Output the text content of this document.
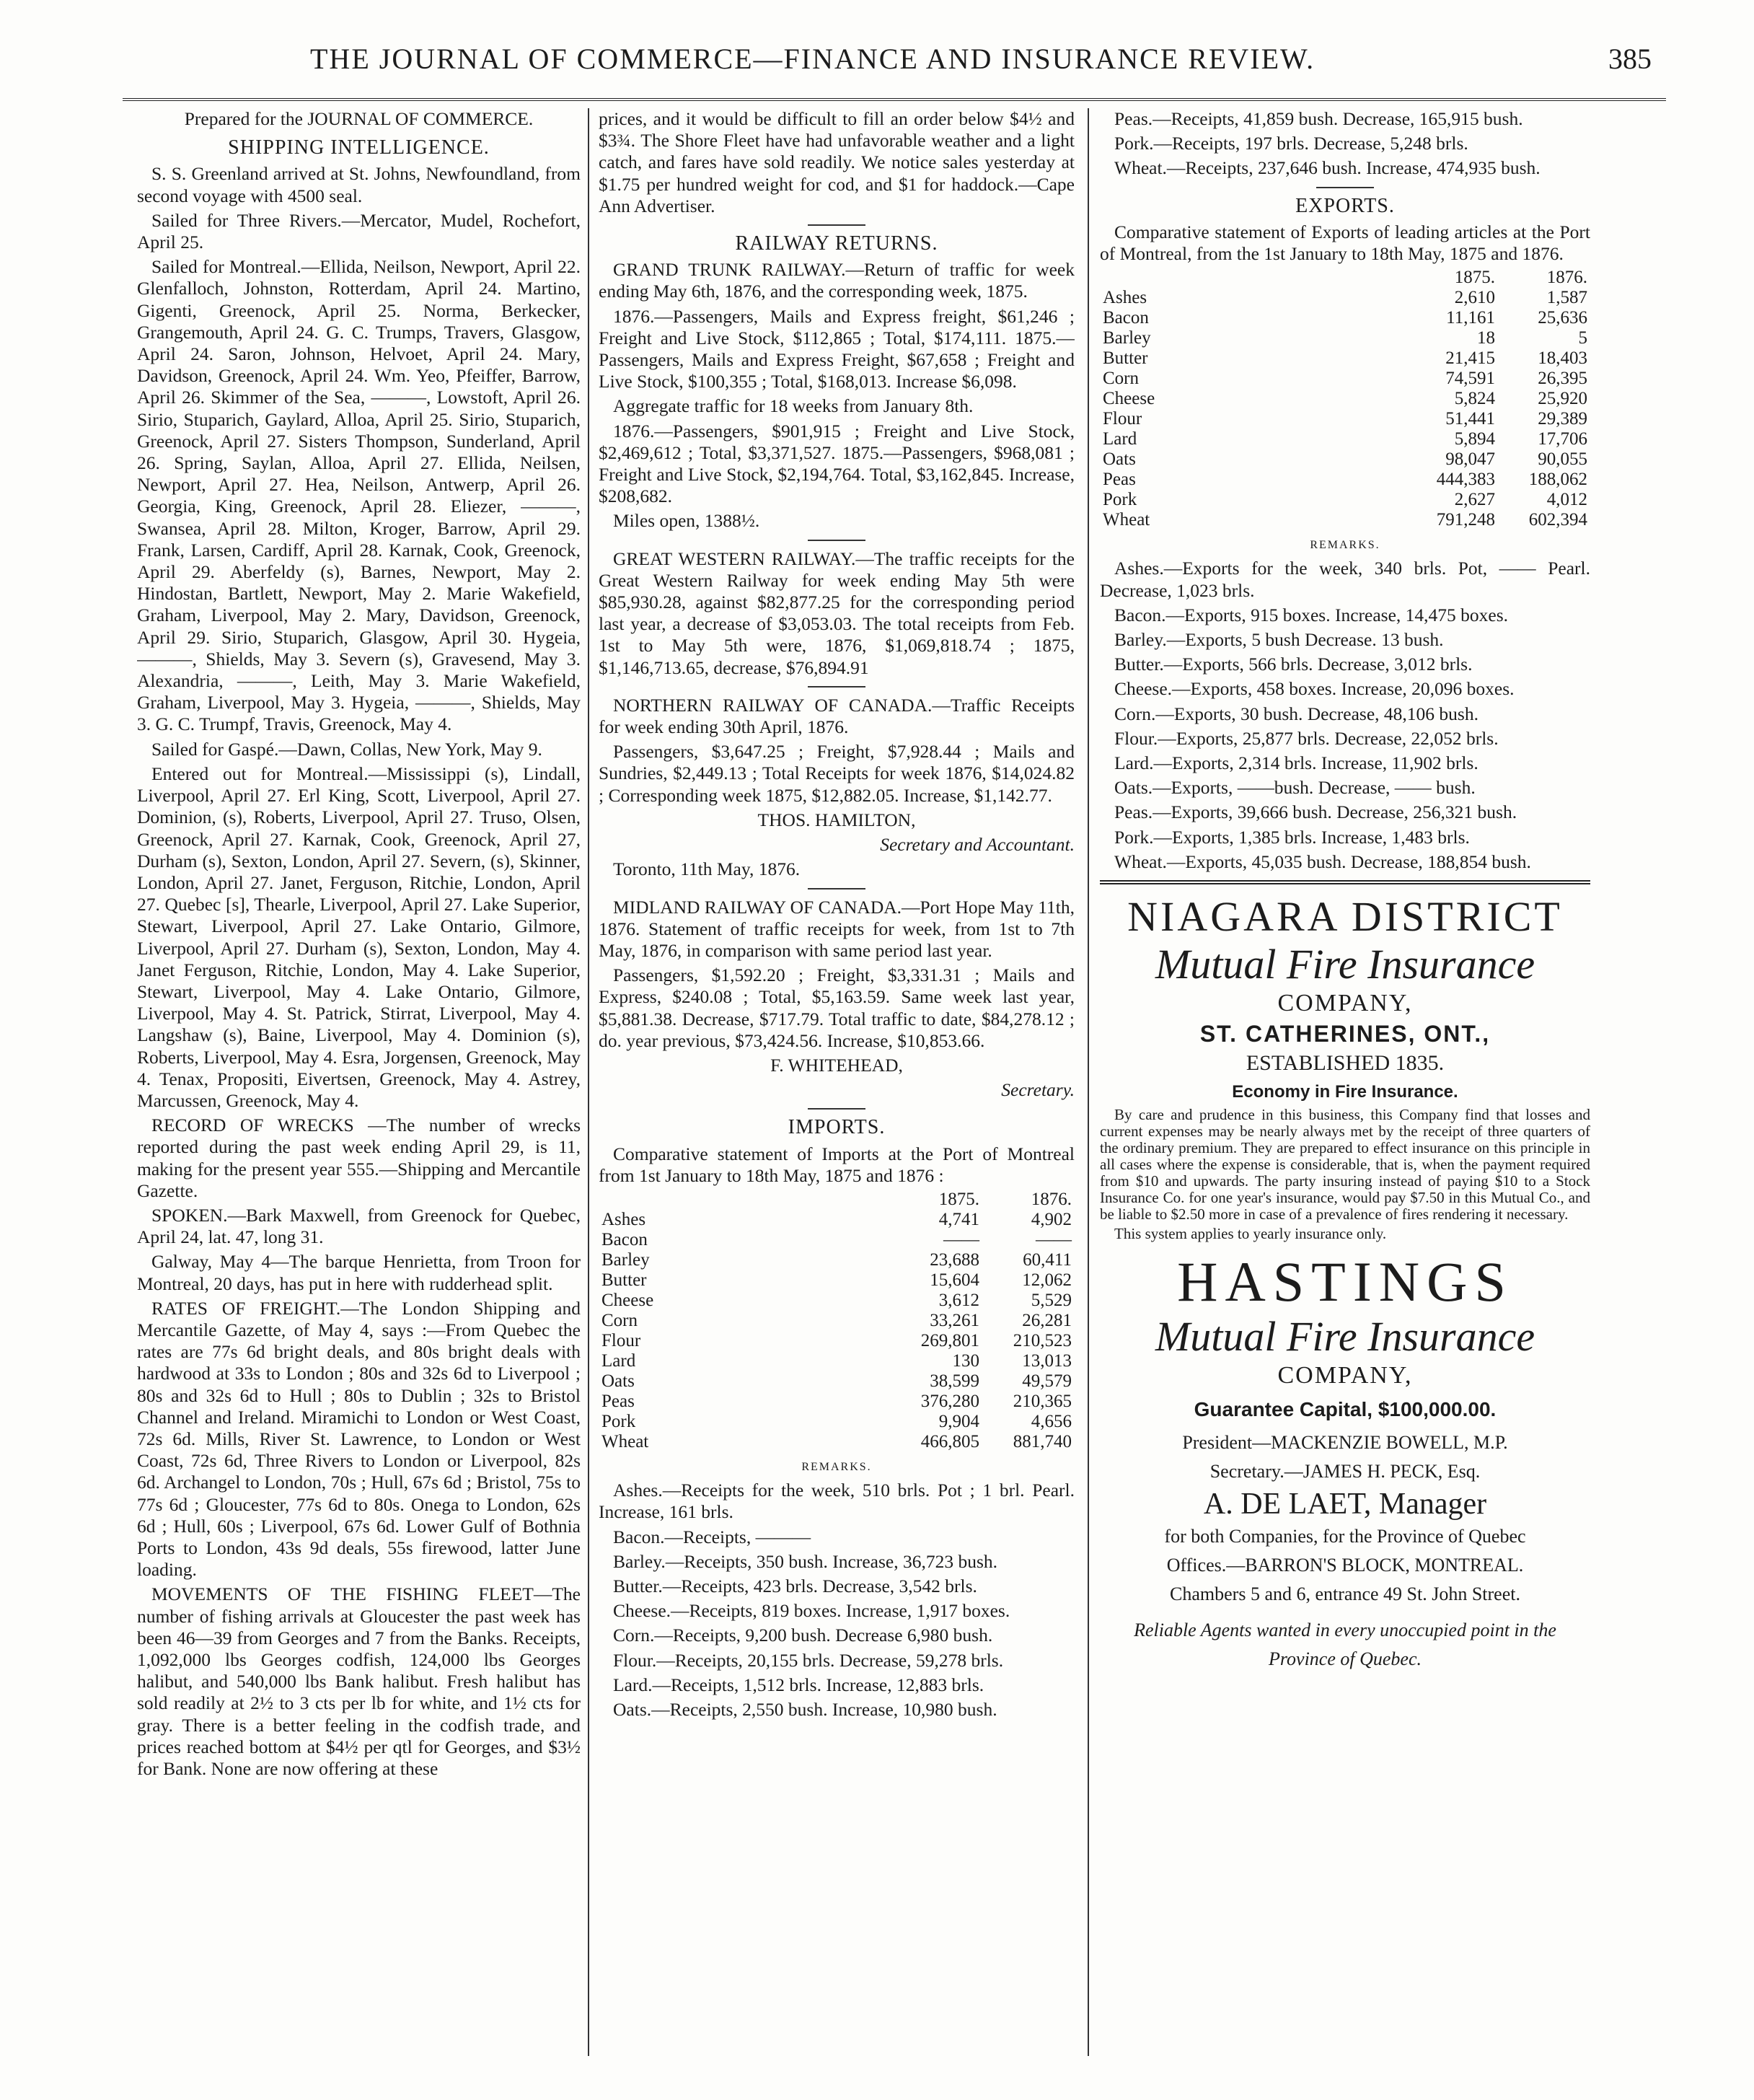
THE JOURNAL OF COMMERCE—FINANCE AND INSURANCE REVIEW.	385

Prepared for the JOURNAL OF COMMERCE.

SHIPPING INTELLIGENCE.

S. S. Greenland arrived at St. Johns, Newfoundland, from second voyage with 4500 seal.

Sailed for Three Rivers.—Mercator, Mudel, Rochefort, April 25.

Sailed for Montreal.—Ellida, Neilson, Newport, April 22. Glenfalloch, Johnston, Rotterdam, April 24. Martino, Gigenti, Greenock, April 25. Norma, Berkecker, Grangemouth, April 24. G. C. Trumps, Travers, Glasgow, April 24. Saron, Johnson, Helvoet, April 24. Mary, Davidson, Greenock, April 24. Wm. Yeo, Pfeiffer, Barrow, April 26. Skimmer of the Sea, ———, Lowstoft, April 26. Sirio, Stuparich, Gaylard, Alloa, April 25. Sirio, Stuparich, Greenock, April 27. Sisters Thompson, Sunderland, April 26. Spring, Saylan, Alloa, April 27. Ellida, Neilsen, Newport, April 27. Hea, Neilson, Antwerp, April 26. Georgia, King, Greenock, April 28. Eliezer, ———, Swansea, April 28. Milton, Kroger, Barrow, April 29. Frank, Larsen, Cardiff, April 28. Karnak, Cook, Greenock, April 29. Aberfeldy (s), Barnes, Newport, May 2. Hindostan, Bartlett, Newport, May 2. Marie Wakefield, Graham, Liverpool, May 2. Mary, Davidson, Greenock, April 29. Sirio, Stuparich, Glasgow, April 30. Hygeia, ———, Shields, May 3. Severn (s), Gravesend, May 3. Alexandria, ———, Leith, May 3. Marie Wakefield, Graham, Liverpool, May 3. Hygeia, ———, Shields, May 3. G. C. Trumpf, Travis, Greenock, May 4.

Sailed for Gaspé.—Dawn, Collas, New York, May 9.

Entered out for Montreal.—Mississippi (s), Lindall, Liverpool, April 27. Erl King, Scott, Liverpool, April 27. Dominion, (s), Roberts, Liverpool, April 27. Truso, Olsen, Greenock, April 27. Karnak, Cook, Greenock, April 27, Durham (s), Sexton, London, April 27. Severn, (s), Skinner, London, April 27. Janet, Ferguson, Ritchie, London, April 27. Quebec [s], Thearle, Liverpool, April 27. Lake Superior, Stewart, Liverpool, April 27. Lake Ontario, Gilmore, Liverpool, April 27. Durham (s), Sexton, London, May 4. Janet Ferguson, Ritchie, London, May 4. Lake Superior, Stewart, Liverpool, May 4. Lake Ontario, Gilmore, Liverpool, May 4. St. Patrick, Stirrat, Liverpool, May 4. Langshaw (s), Baine, Liverpool, May 4. Dominion (s), Roberts, Liverpool, May 4. Esra, Jorgensen, Greenock, May 4. Tenax, Propositi, Eivertsen, Greenock, May 4. Astrey, Marcussen, Greenock, May 4.

RECORD OF WRECKS —The number of wrecks reported during the past week ending April 29, is 11, making for the present year 555.—Shipping and Mercantile Gazette.

SPOKEN.—Bark Maxwell, from Greenock for Quebec, April 24, lat. 47, long 31.

Galway, May 4—The barque Henrietta, from Troon for Montreal, 20 days, has put in here with rudderhead split.

RATES OF FREIGHT.—The London Shipping and Mercantile Gazette, of May 4, says :—From Quebec the rates are 77s 6d bright deals, and 80s bright deals with hardwood at 33s to London ; 80s and 32s 6d to Liverpool ; 80s and 32s 6d to Hull ; 80s to Dublin ; 32s to Bristol Channel and Ireland. Miramichi to London or West Coast, 72s 6d. Mills, River St. Lawrence, to London or West Coast, 72s 6d, Three Rivers to London or Liverpool, 82s 6d. Archangel to London, 70s ; Hull, 67s 6d ; Bristol, 75s to 77s 6d ; Gloucester, 77s 6d to 80s. Onega to London, 62s 6d ; Hull, 60s ; Liverpool, 67s 6d. Lower Gulf of Bothnia Ports to London, 43s 9d deals, 55s firewood, latter June loading.

MOVEMENTS OF THE FISHING FLEET—The number of fishing arrivals at Gloucester the past week has been 46—39 from Georges and 7 from the Banks. Receipts, 1,092,000 lbs Georges codfish, 124,000 lbs Georges halibut, and 540,000 lbs Bank halibut. Fresh halibut has sold readily at 2½ to 3 cts per lb for white, and 1½ cts for gray. There is a better feeling in the codfish trade, and prices reached bottom at $4½ per qtl for Georges, and $3½ for Bank. None are now offering at these

prices, and it would be difficult to fill an order below $4½ and $3¾. The Shore Fleet have had unfavorable weather and a light catch, and fares have sold readily. We notice sales yesterday at $1.75 per hundred weight for cod, and $1 for haddock.—Cape Ann Advertiser.

RAILWAY RETURNS.

GRAND TRUNK RAILWAY.—Return of traffic for week ending May 6th, 1876, and the corresponding week, 1875.

1876.—Passengers, Mails and Express freight, $61,246 ; Freight and Live Stock, $112,865 ; Total, $174,111. 1875.—Passengers, Mails and Express Freight, $67,658 ; Freight and Live Stock, $100,355 ; Total, $168,013. Increase $6,098.

Aggregate traffic for 18 weeks from January 8th.

1876.—Passengers, $901,915 ; Freight and Live Stock, $2,469,612 ; Total, $3,371,527. 1875.—Passengers, $968,081 ; Freight and Live Stock, $2,194,764. Total, $3,162,845. Increase, $208,682.

Miles open, 1388½.

GREAT WESTERN RAILWAY.—The traffic receipts for the Great Western Railway for week ending May 5th were $85,930.28, against $82,877.25 for the corresponding period last year, a decrease of $3,053.03. The total receipts from Feb. 1st to May 5th were, 1876, $1,069,818.74 ; 1875, $1,146,713.65, decrease, $76,894.91

NORTHERN RAILWAY OF CANADA.—Traffic Receipts for week ending 30th April, 1876.

Passengers, $3,647.25 ; Freight, $7,928.44 ; Mails and Sundries, $2,449.13 ; Total Receipts for week 1876, $14,024.82 ; Corresponding week 1875, $12,882.05. Increase, $1,142.77.

THOS. HAMILTON,

Secretary and Accountant.

Toronto, 11th May, 1876.

MIDLAND RAILWAY OF CANADA.—Port Hope May 11th, 1876. Statement of traffic receipts for week, from 1st to 7th May, 1876, in comparison with same period last year.

Passengers, $1,592.20 ; Freight, $3,331.31 ; Mails and Express, $240.08 ; Total, $5,163.59. Same week last year, $5,881.38. Decrease, $717.79. Total traffic to date, $84,278.12 ; do. year previous, $73,424.56. Increase, $10,853.66.

F. WHITEHEAD,

Secretary.

IMPORTS.

Comparative statement of Imports at the Port of Montreal from 1st January to 18th May, 1875 and 1876 :

	1875.	1876.
Ashes	4,741	4,902
Bacon	——	——
Barley	23,688	60,411
Butter	15,604	12,062
Cheese	3,612	5,529
Corn	33,261	26,281
Flour	269,801	210,523
Lard	130	13,013
Oats	38,599	49,579
Peas	376,280	210,365
Pork	9,904	4,656
Wheat	466,805	881,740
REMARKS.

Ashes.—Receipts for the week, 510 brls. Pot ; 1 brl. Pearl. Increase, 161 brls.

Bacon.—Receipts, ———

Barley.—Receipts, 350 bush. Increase, 36,723 bush.

Butter.—Receipts, 423 brls. Decrease, 3,542 brls.

Cheese.—Receipts, 819 boxes. Increase, 1,917 boxes.

Corn.—Receipts, 9,200 bush. Decrease 6,980 bush.

Flour.—Receipts, 20,155 brls. Decrease, 59,278 brls.

Lard.—Receipts, 1,512 brls. Increase, 12,883 brls.

Oats.—Receipts, 2,550 bush. Increase, 10,980 bush.

Peas.—Receipts, 41,859 bush. Decrease, 165,915 bush.

Pork.—Receipts, 197 brls. Decrease, 5,248 brls.

Wheat.—Receipts, 237,646 bush. Increase, 474,935 bush.

EXPORTS.

Comparative statement of Exports of leading articles at the Port of Montreal, from the 1st January to 18th May, 1875 and 1876.

	1875.	1876.
Ashes	2,610	1,587
Bacon	11,161	25,636
Barley	18	5
Butter	21,415	18,403
Corn	74,591	26,395
Cheese	5,824	25,920
Flour	51,441	29,389
Lard	5,894	17,706
Oats	98,047	90,055
Peas	444,383	188,062
Pork	2,627	4,012
Wheat	791,248	602,394
REMARKS.

Ashes.—Exports for the week, 340 brls. Pot, —— Pearl. Decrease, 1,023 brls.

Bacon.—Exports, 915 boxes. Increase, 14,475 boxes.

Barley.—Exports, 5 bush Decrease. 13 bush.

Butter.—Exports, 566 brls. Decrease, 3,012 brls.

Cheese.—Exports, 458 boxes. Increase, 20,096 boxes.

Corn.—Exports, 30 bush. Decrease, 48,106 bush.

Flour.—Exports, 25,877 brls. Decrease, 22,052 brls.

Lard.—Exports, 2,314 brls. Increase, 11,902 brls.

Oats.—Exports, ——bush. Decrease, —— bush.

Peas.—Exports, 39,666 bush. Decrease, 256,321 bush.

Pork.—Exports, 1,385 brls. Increase, 1,483 brls.

Wheat.—Exports, 45,035 bush. Decrease, 188,854 bush.

NIAGARA DISTRICT
Mutual Fire Insurance
COMPANY,
ST. CATHERINES, ONT.,
ESTABLISHED 1835.
Economy in Fire Insurance.

By care and prudence in this business, this Company find that losses and current expenses may be nearly always met by the receipt of three quarters of the ordinary premium. They are prepared to effect insurance on this principle in all cases where the expense is considerable, that is, when the payment required from $10 and upwards. The party insuring instead of paying $10 to a Stock Insurance Co. for one year's insurance, would pay $7.50 in this Mutual Co., and be liable to $2.50 more in case of a prevalence of fires rendering it necessary.

This system applies to yearly insurance only.

HASTINGS
Mutual Fire Insurance
COMPANY,
Guarantee Capital, $100,000.00.
President—MACKENZIE BOWELL, M.P.
Secretary.—JAMES H. PECK, Esq.
A. DE LAET, Manager
for both Companies, for the Province of Quebec
Offices.—BARRON'S BLOCK, MONTREAL.
Chambers 5 and 6, entrance 49 St. John Street.
Reliable Agents wanted in every unoccupied point in the Province of Quebec.
